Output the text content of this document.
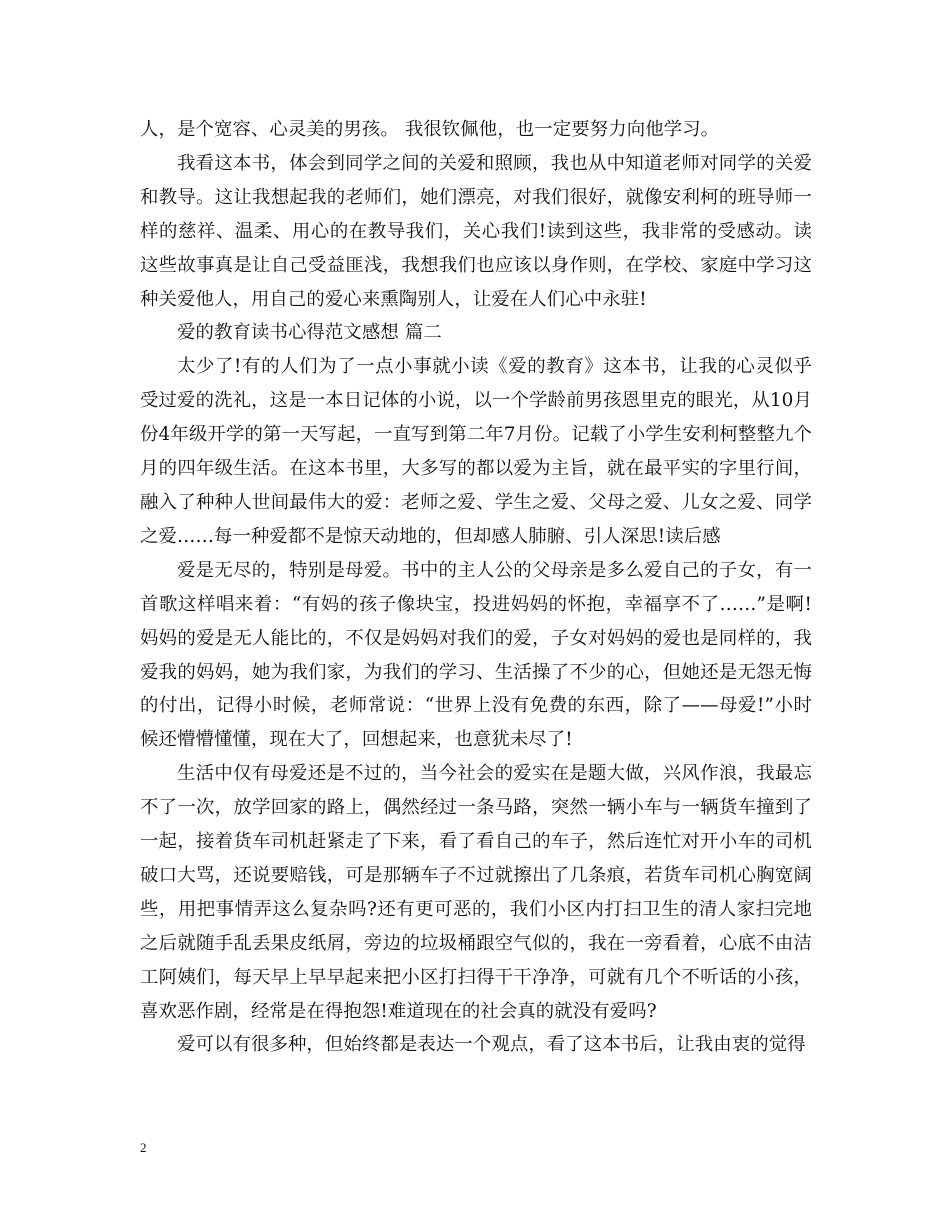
人，是个宽容、心灵美的男孩。 我很钦佩他，也一定要努力向他学习。

我看这本书，体会到同学之间的关爱和照顾，我也从中知道老师对同学的关爱和教导。这让我想起我的老师们，她们漂亮，对我们很好，就像安利柯的班导师一样的慈祥、温柔、用心的在教导我们，关心我们!读到这些，我非常的受感动。读这些故事真是让自己受益匪浅，我想我们也应该以身作则，在学校、家庭中学习这种关爱他人，用自己的爱心来熏陶别人，让爱在人们心中永驻!

爱的教育读书心得范文感想 篇二

太少了!有的人们为了一点小事就小读《爱的教育》这本书，让我的心灵似乎受过爱的洗礼，这是一本日记体的小说，以一个学龄前男孩恩里克的眼光，从10月份4年级开学的第一天写起，一直写到第二年7月份。记载了小学生安利柯整整九个月的四年级生活。在这本书里，大多写的都以爱为主旨，就在最平实的字里行间，融入了种种人世间最伟大的爱：老师之爱、学生之爱、父母之爱、儿女之爱、同学之爱……每一种爱都不是惊天动地的，但却感人肺腑、引人深思!读后感

爱是无尽的，特别是母爱。书中的主人公的父母亲是多么爱自己的子女，有一首歌这样唱来着：“有妈的孩子像块宝，投进妈妈的怀抱，幸福享不了……”是啊!妈妈的爱是无人能比的，不仅是妈妈对我们的爱，子女对妈妈的爱也是同样的，我爱我的妈妈，她为我们家，为我们的学习、生活操了不少的心，但她还是无怨无悔的付出，记得小时候，老师常说：“世界上没有免费的东西，除了——母爱!”小时候还懵懵懂懂，现在大了，回想起来，也意犹未尽了!

生活中仅有母爱还是不过的，当今社会的爱实在是题大做，兴风作浪，我最忘不了一次，放学回家的路上，偶然经过一条马路，突然一辆小车与一辆货车撞到了一起，接着货车司机赶紧走了下来，看了看自己的车子，然后连忙对开小车的司机破口大骂，还说要赔钱，可是那辆车子不过就擦出了几条痕，若货车司机心胸宽阔些，用把事情弄这么复杂吗?还有更可恶的，我们小区内打扫卫生的清人家扫完地之后就随手乱丢果皮纸屑，旁边的垃圾桶跟空气似的，我在一旁看着，心底不由洁工阿姨们，每天早上早早起来把小区打扫得干干净净，可就有几个不听话的小孩，喜欢恶作剧，经常是在得抱怨!难道现在的社会真的就没有爱吗?

爱可以有很多种，但始终都是表达一个观点，看了这本书后，让我由衷的觉得

2
